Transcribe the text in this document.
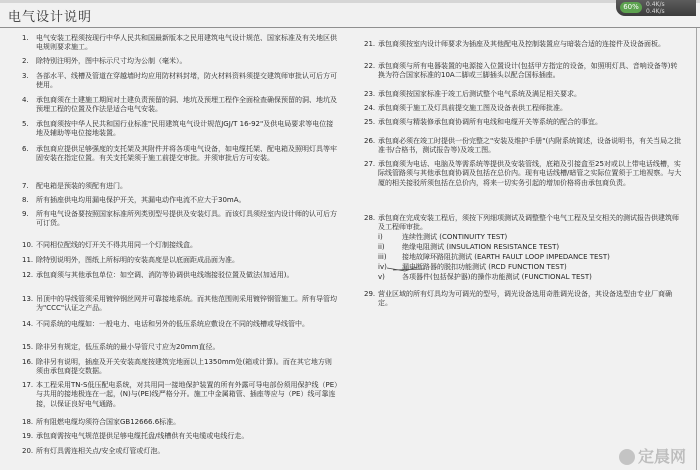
电气设计说明
60%	0.4K/s
0.4K/s
1. 电气安装工程须按现行中华人民共和国最新版本之民用建筑电气设计规范、国家标准及有关地区供电规则要求施工。
2. 除特别注明外，图中标示尺寸均为公制（毫米）。
3. 各部水平、线槽及管道在穿越墙时均应用防材料封堵，防火材料资料须提交建筑师审批认可后方可使用。
4. 承包商须在土建施工期间对土建负责预留的洞、地坑及预埋工程作全面检查确保预留的洞、地坑及预埋工程的位置及作法是适合电气安装。
5. 承包商须按中华人民共和国行业标准"民用建筑电气设计规范JGJ/T 16-92"及供电局要求等电位接地及辅助等电位接地装置。
6. 承包商应提供足够强度的支托架及其附件并将各项电气设备，如电缆托架、配电箱及照明灯具等牢固安装在指定位置。有关支托架须于施工前提交审批。并须审批后方可安装。
7. 配电箱是预装的须配有进门。
8. 所有插座供电均用漏电保护开关，其漏电动作电流不应大于30mA。
9. 所有电气设备要按照国家标准所列类别型号提供及安装灯具。而该灯具须经室内设计师的认可后方可订货。
10. 不同相位配线的灯开关不得共用同一个灯制接线盒。
11. 除特别说明外，图纸上所标明的安装高度是以底面距成品面为准。
12. 承包商须与其他承包单位：如空调、消防等协调供电线端接驳位置及做法(加适用)。
13. 吊顶中的导线管须采用镀锌钢丝网并可靠接地系统。而其他范围则采用镀锌钢管施工。所有导管均为"CCC"认证之产品。
14. 不同系统的电缆如：一般电力、电话和另外的低压系统应敷设在不同的线槽或导线管中。
15. 除非另有规定，低压系统的最小导管尺寸应为20mm直径。
16. 除非另有说明，插座及开关安装高度按建筑完地面以上1350mm处(箱或计算)。而在其它地方则须由承包商提交数据。
17. 本工程采用TN-S低压配电系统，对共用同一接地保护装置的所有外露可导电部份须用保护线（PE）与共用的接地极连在一起，(N)与(PE)线严格分开。施工中金属箱管、插座等应与（PE）线可靠连接，以保证良好电气通路。
18. 所有阻燃电缆均须符合国家GB12666.6标准。
19. 承包商需按电气规范提供足够电缆托盘/线槽供有关电缆或电线行走。
20. 所有灯具需连相关点/安全或灯管或灯泡。
21. 承包商须按室内设计师要求为插座及其他配电及控制装置应与暗装合适的连接件及设备面板。
22. 承包商须与所有电器装置的电源接入位置设计(包括甲方指定的设备，如照明灯具、音响设备等)转换为符合国家标准的10A二脚或三脚插头以配合国标插座。
23. 承包商须按国家标准于竣工后测试整个电气系统及满足相关要求。
24. 承包商须于施工及灯具前提交施工图及设备表供工程师批准。
25. 承包商须与精装修承包商协调所有电线和电缆开关等系统的配合的事宜。
26. 承包商必须在竣工时提供一份完整之"安装及维护手册"(内附系统简述，设备说明书，有关当局之批准书/合格书，测试报告等)及竣工图。
27. 承包商须为电话、电脑及等需系统等提供及安装管线，底箱及引接盒至25对或以上带电话线槽，实际线管路须与其他承包商协调及包括在总价内。现有电话线槽/暗管之实际位置须于工地视察。与大厦的相关接驳所须包括在总价内，将来一切实务引起的增加价格将由承包商负责。
28. 承包商在完成安装工程后，须按下列细项测试及调整整个电气工程及呈交相关的测试报告供建筑师及工程师审批。
i)	连续性测试 (CONTINUITY TEST)
ii) 绝缘电阻测试 (INSULATION RESISTANCE TEST)
iii) 接地故障环路阻抗测试 (EARTH FAULT LOOP IMPEDANCE TEST)
iv) 漏电断路器的脱扣功能测试 (RCD FUNCTION TEST)
v) 各项器件(包括保护器)的操作功能测试 (FUNCTIONAL TEST)
29. 营业区域的所有灯具均为可调光的型号，调光设备选用奇胜调光设备，其设备选型由专业厂商确定。
定晨网
